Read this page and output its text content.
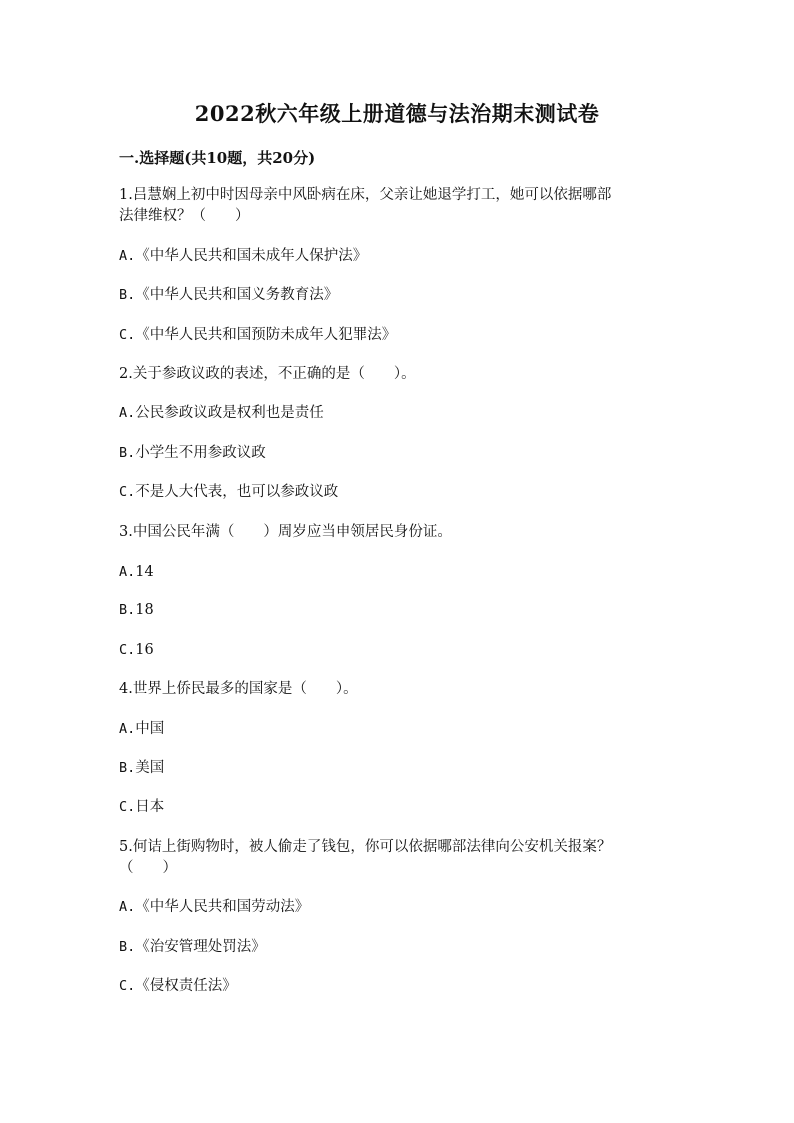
2022秋六年级上册道德与法治期末测试卷
一.选择题(共10题，共20分)
1.吕慧娴上初中时因母亲中风卧病在床，父亲让她退学打工，她可以依据哪部
法律维权？（　　）
A.《中华人民共和国未成年人保护法》
B.《中华人民共和国义务教育法》
C.《中华人民共和国预防未成年人犯罪法》
2.关于参政议政的表述，不正确的是（　　）。
A.公民参政议政是权利也是责任
B.小学生不用参政议政
C.不是人大代表，也可以参政议政
3.中国公民年满（　　）周岁应当申领居民身份证。
A.14
B.18
C.16
4.世界上侨民最多的国家是（　　）。
A.中国
B.美国
C.日本
5.何诘上街购物时，被人偷走了钱包，你可以依据哪部法律向公安机关报案？
（　　）
A.《中华人民共和国劳动法》
B.《治安管理处罚法》
C.《侵权责任法》
